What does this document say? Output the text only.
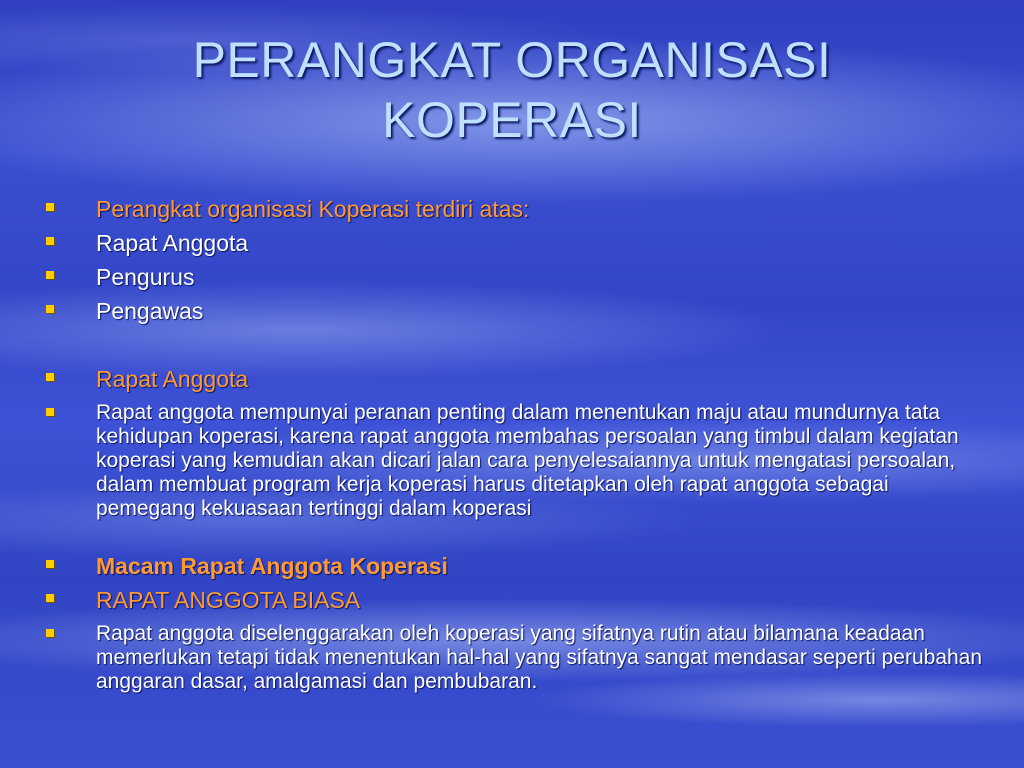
PERANGKAT ORGANISASI
KOPERASI
Perangkat organisasi Koperasi terdiri atas:
Rapat Anggota
Pengurus
Pengawas
Rapat Anggota
Rapat anggota mempunyai peranan penting dalam menentukan maju atau mundurnya tata kehidupan koperasi, karena rapat anggota membahas persoalan yang timbul dalam kegiatan koperasi yang kemudian akan dicari jalan cara penyelesaiannya untuk mengatasi persoalan, dalam membuat program kerja koperasi harus ditetapkan oleh rapat anggota sebagai pemegang kekuasaan tertinggi dalam koperasi
Macam Rapat Anggota Koperasi
RAPAT ANGGOTA BIASA
Rapat anggota diselenggarakan oleh koperasi yang sifatnya rutin atau bilamana keadaan memerlukan tetapi tidak menentukan hal-hal yang sifatnya sangat mendasar seperti perubahan anggaran dasar, amalgamasi dan pembubaran.
